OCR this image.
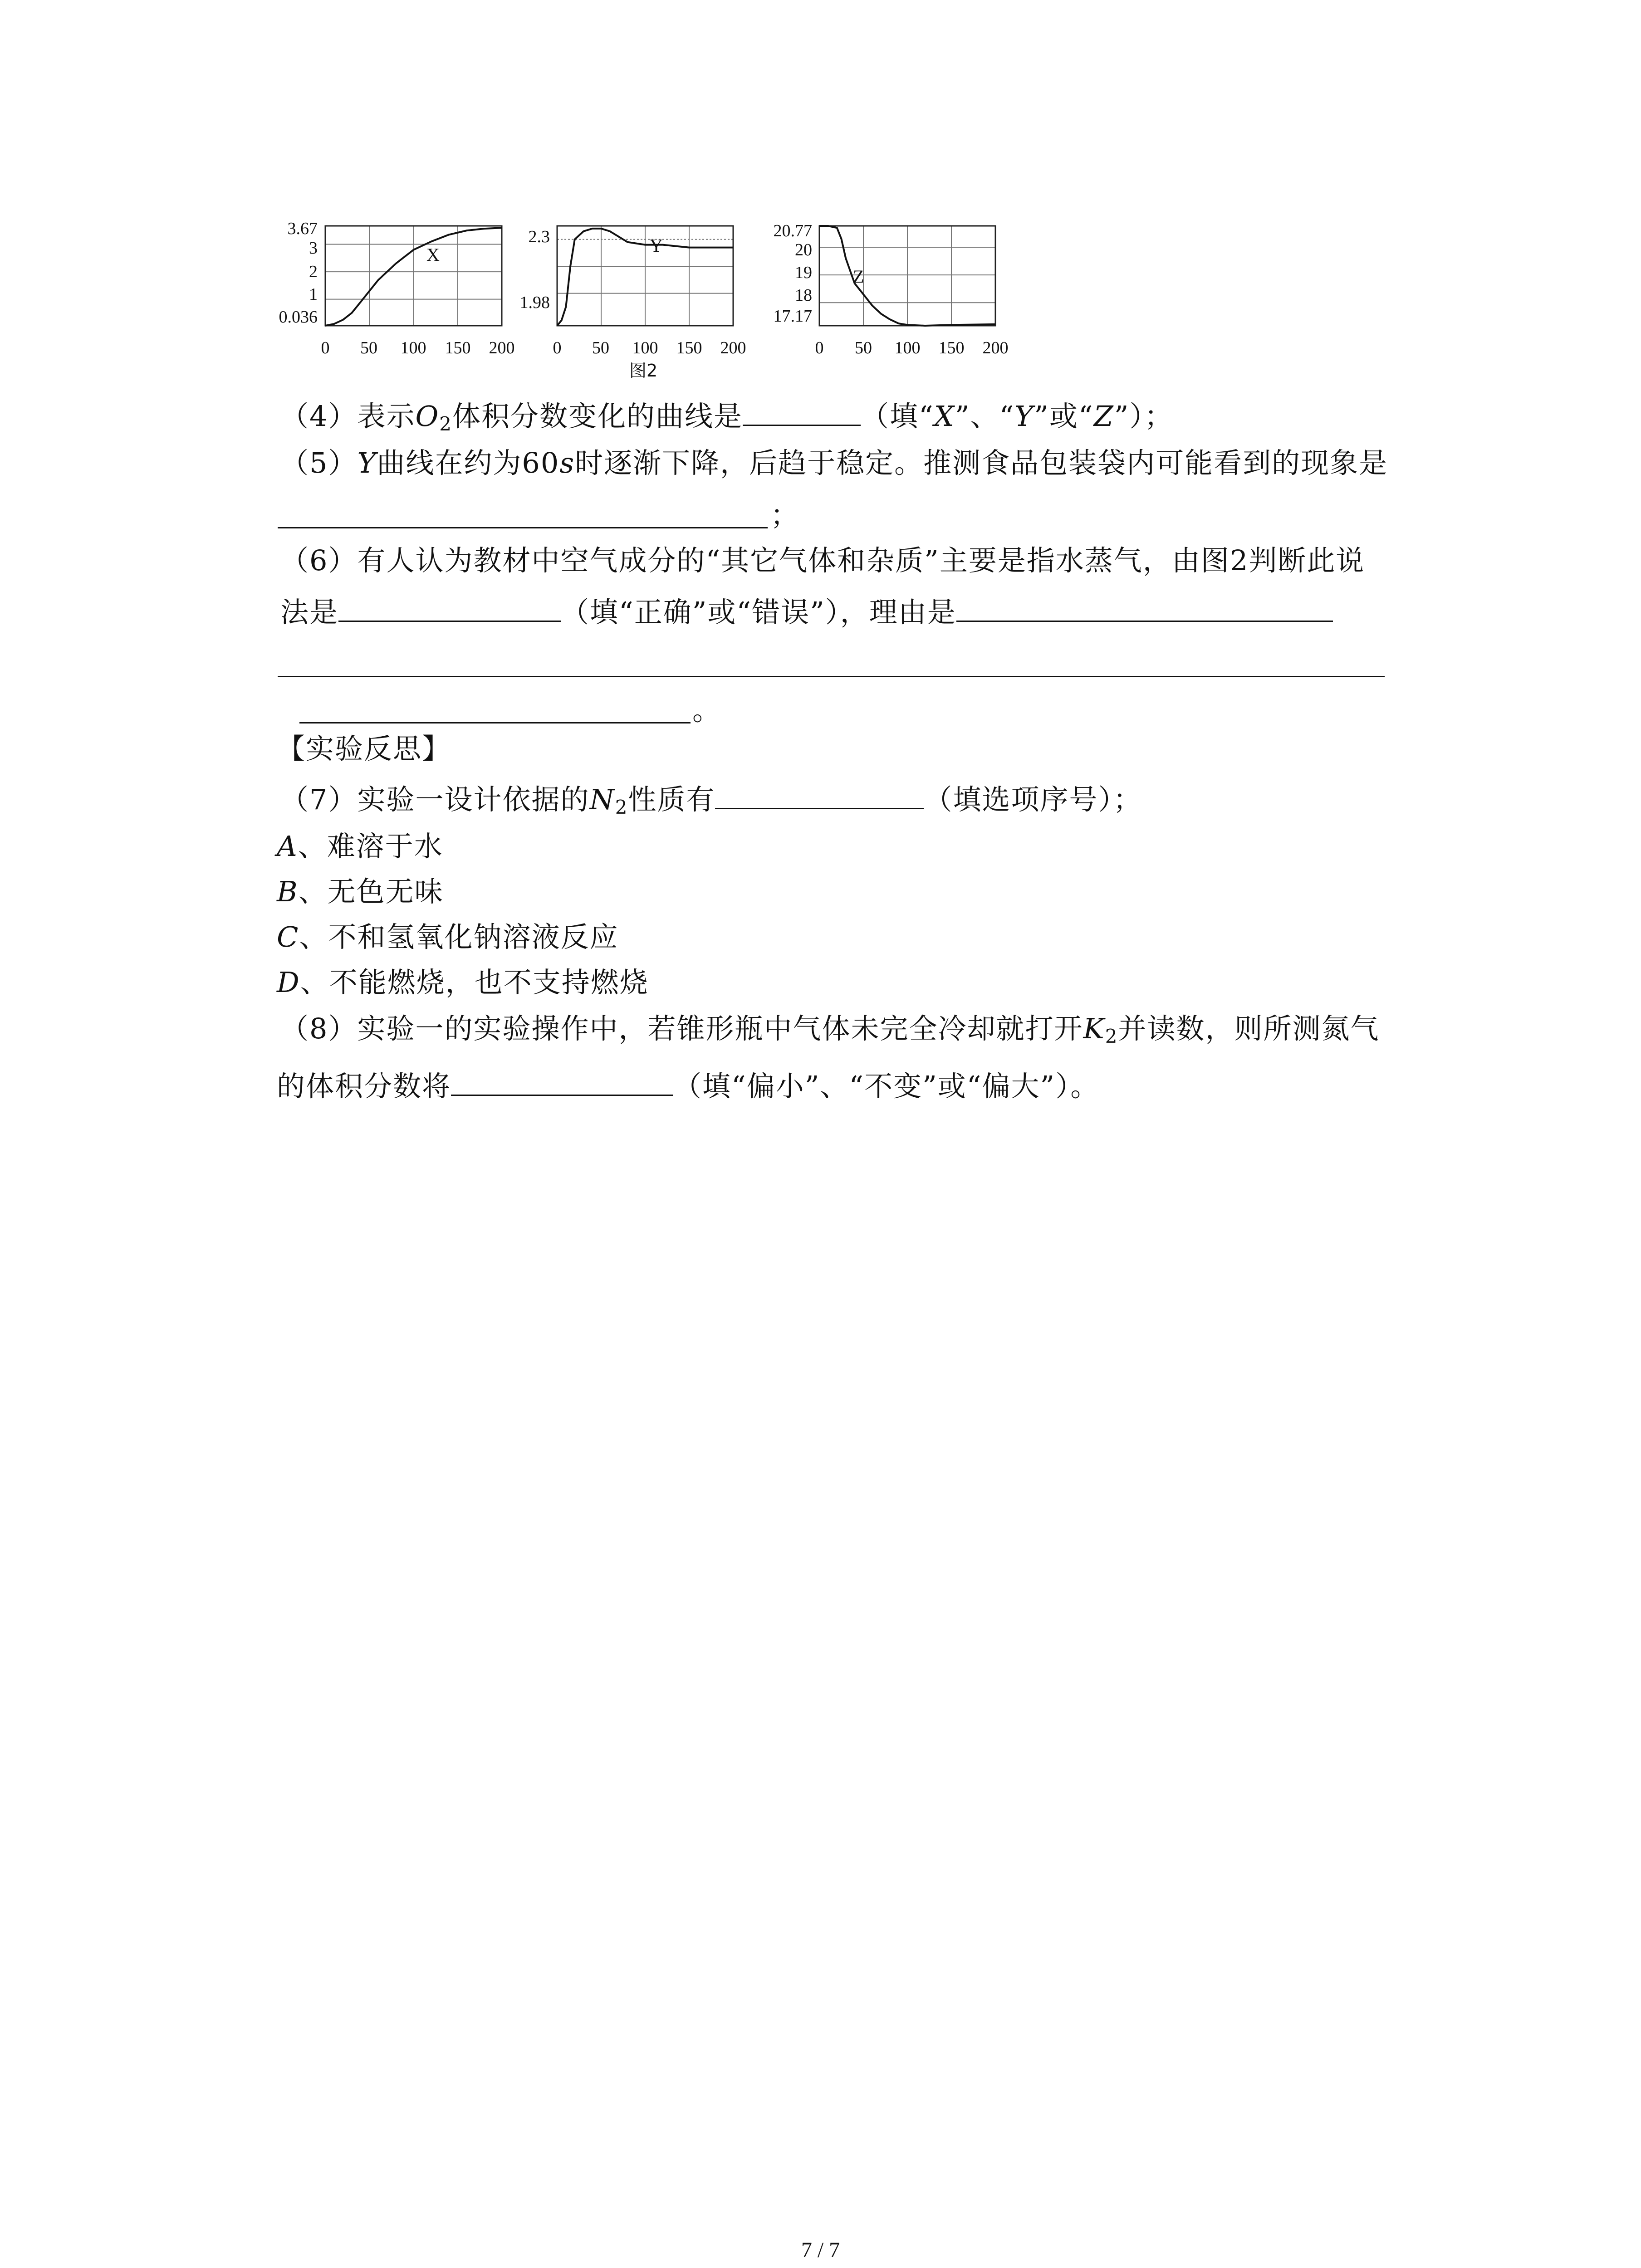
3.67
3
2
1
0.036
0 50 100 150 200
X
2.3
1.98
0 50 100 150 200
Y
20.77
20
19
18
17.17
0 50 100 150 200
Z
图2
（4）表示$O_2$体积分数变化的曲线是	（填“X”、“Y”或“Z”）；
（5）Y曲线在约为60s时逐渐下降，后趋于稳定。推测食品包装袋内可能看到的现象是
；
（6）有人认为教材中空气成分的“其它气体和杂质”主要是指水蒸气，由图2判断此说
法是	（填“正确”或“错误”），理由是
。
【实验反思】
（7）实验一设计依据的$N_2$性质有	（填选项序号）；
A、难溶于水
B、无色无味
C、不和氢氧化钠溶液反应
D、不能燃烧，也不支持燃烧
（8）实验一的实验操作中，若锥形瓶中气体未完全冷却就打开$K_2$并读数，则所测氮气
的体积分数将	（填“偏小”、“不变”或“偏大”）。
7 / 7
